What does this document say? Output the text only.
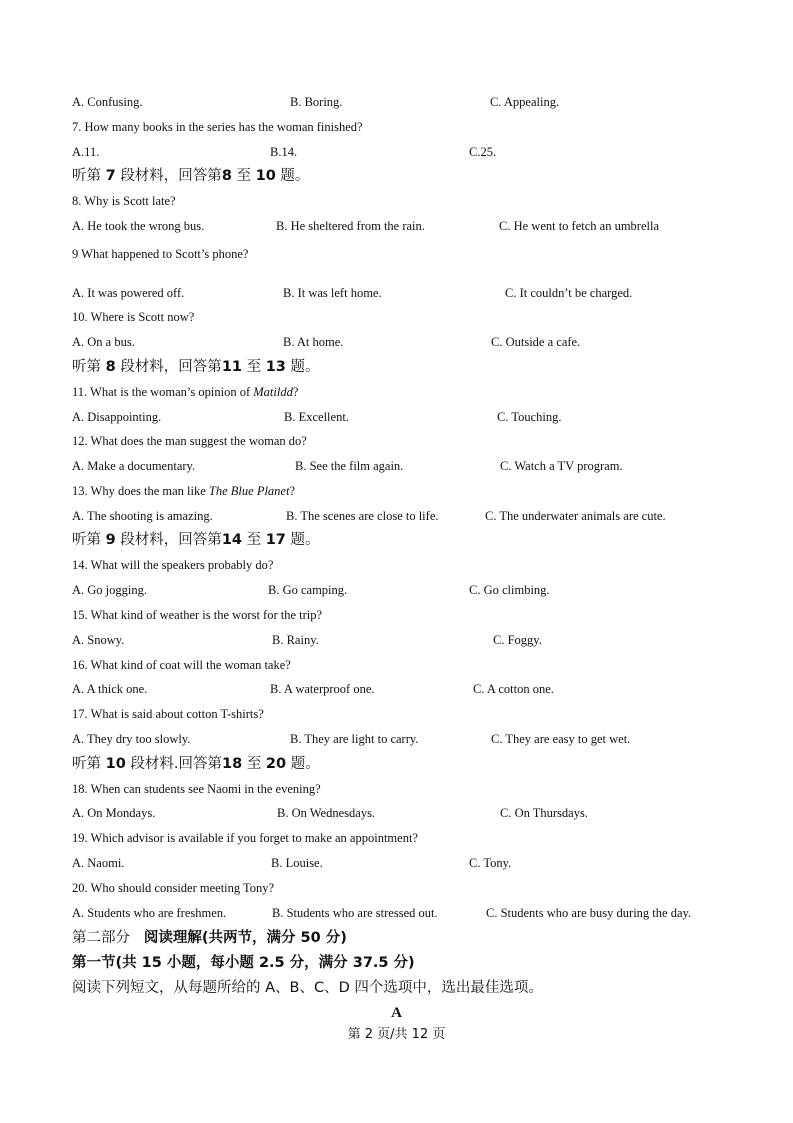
A. Confusing.	B. Boring.	C. Appealing.
7. How many books in the series has the woman finished?
A.11.	B.14.	C.25.
听第 7 段材料，回答第8 至 10 题。
8. Why is Scott late?
A. He took the wrong bus.	B. He sheltered from the rain.	C. He went to fetch an umbrella
9 What happened to Scott’s phone?
A. It was powered off.	B. It was left home.	C. It couldn’t be charged.
10. Where is Scott now?
A. On a bus.	B. At home.	C. Outside a cafe.
听第 8 段材料，回答第11 至 13 题。
11. What is the woman’s opinion of Matildd?
A. Disappointing.	B. Excellent.	C. Touching.
12. What does the man suggest the woman do?
A. Make a documentary.	B. See the film again.	C. Watch a TV program.
13. Why does the man like The Blue Planet?
A. The shooting is amazing.	B. The scenes are close to life.	C. The underwater animals are cute.
听第 9 段材料，回答第14 至 17 题。
14. What will the speakers probably do?
A. Go jogging.	B. Go camping.	C. Go climbing.
15. What kind of weather is the worst for the trip?
A. Snowy.	B. Rainy.	C. Foggy.
16. What kind of coat will the woman take?
A. A thick one.	B. A waterproof one.	C. A cotton one.
17. What is said about cotton T-shirts?
A. They dry too slowly.	B. They are light to carry.	C. They are easy to get wet.
听第 10 段材料.回答第18 至 20 题。
18. When can students see Naomi in the evening?
A. On Mondays.	B. On Wednesdays.	C. On Thursdays.
19. Which advisor is available if you forget to make an appointment?
A. Naomi.	B. Louise.	C. Tony.
20. Who should consider meeting Tony?
A. Students who are freshmen.	B. Students who are stressed out.	C. Students who are busy during the day.
第二部分 阅读理解(共两节，满分 50 分)
第一节(共 15 小题，每小题 2.5 分，满分 37.5 分)
阅读下列短文，从每题所给的 A、B、C、D 四个选项中，选出最佳选项。
A
第 2 页/共 12 页
